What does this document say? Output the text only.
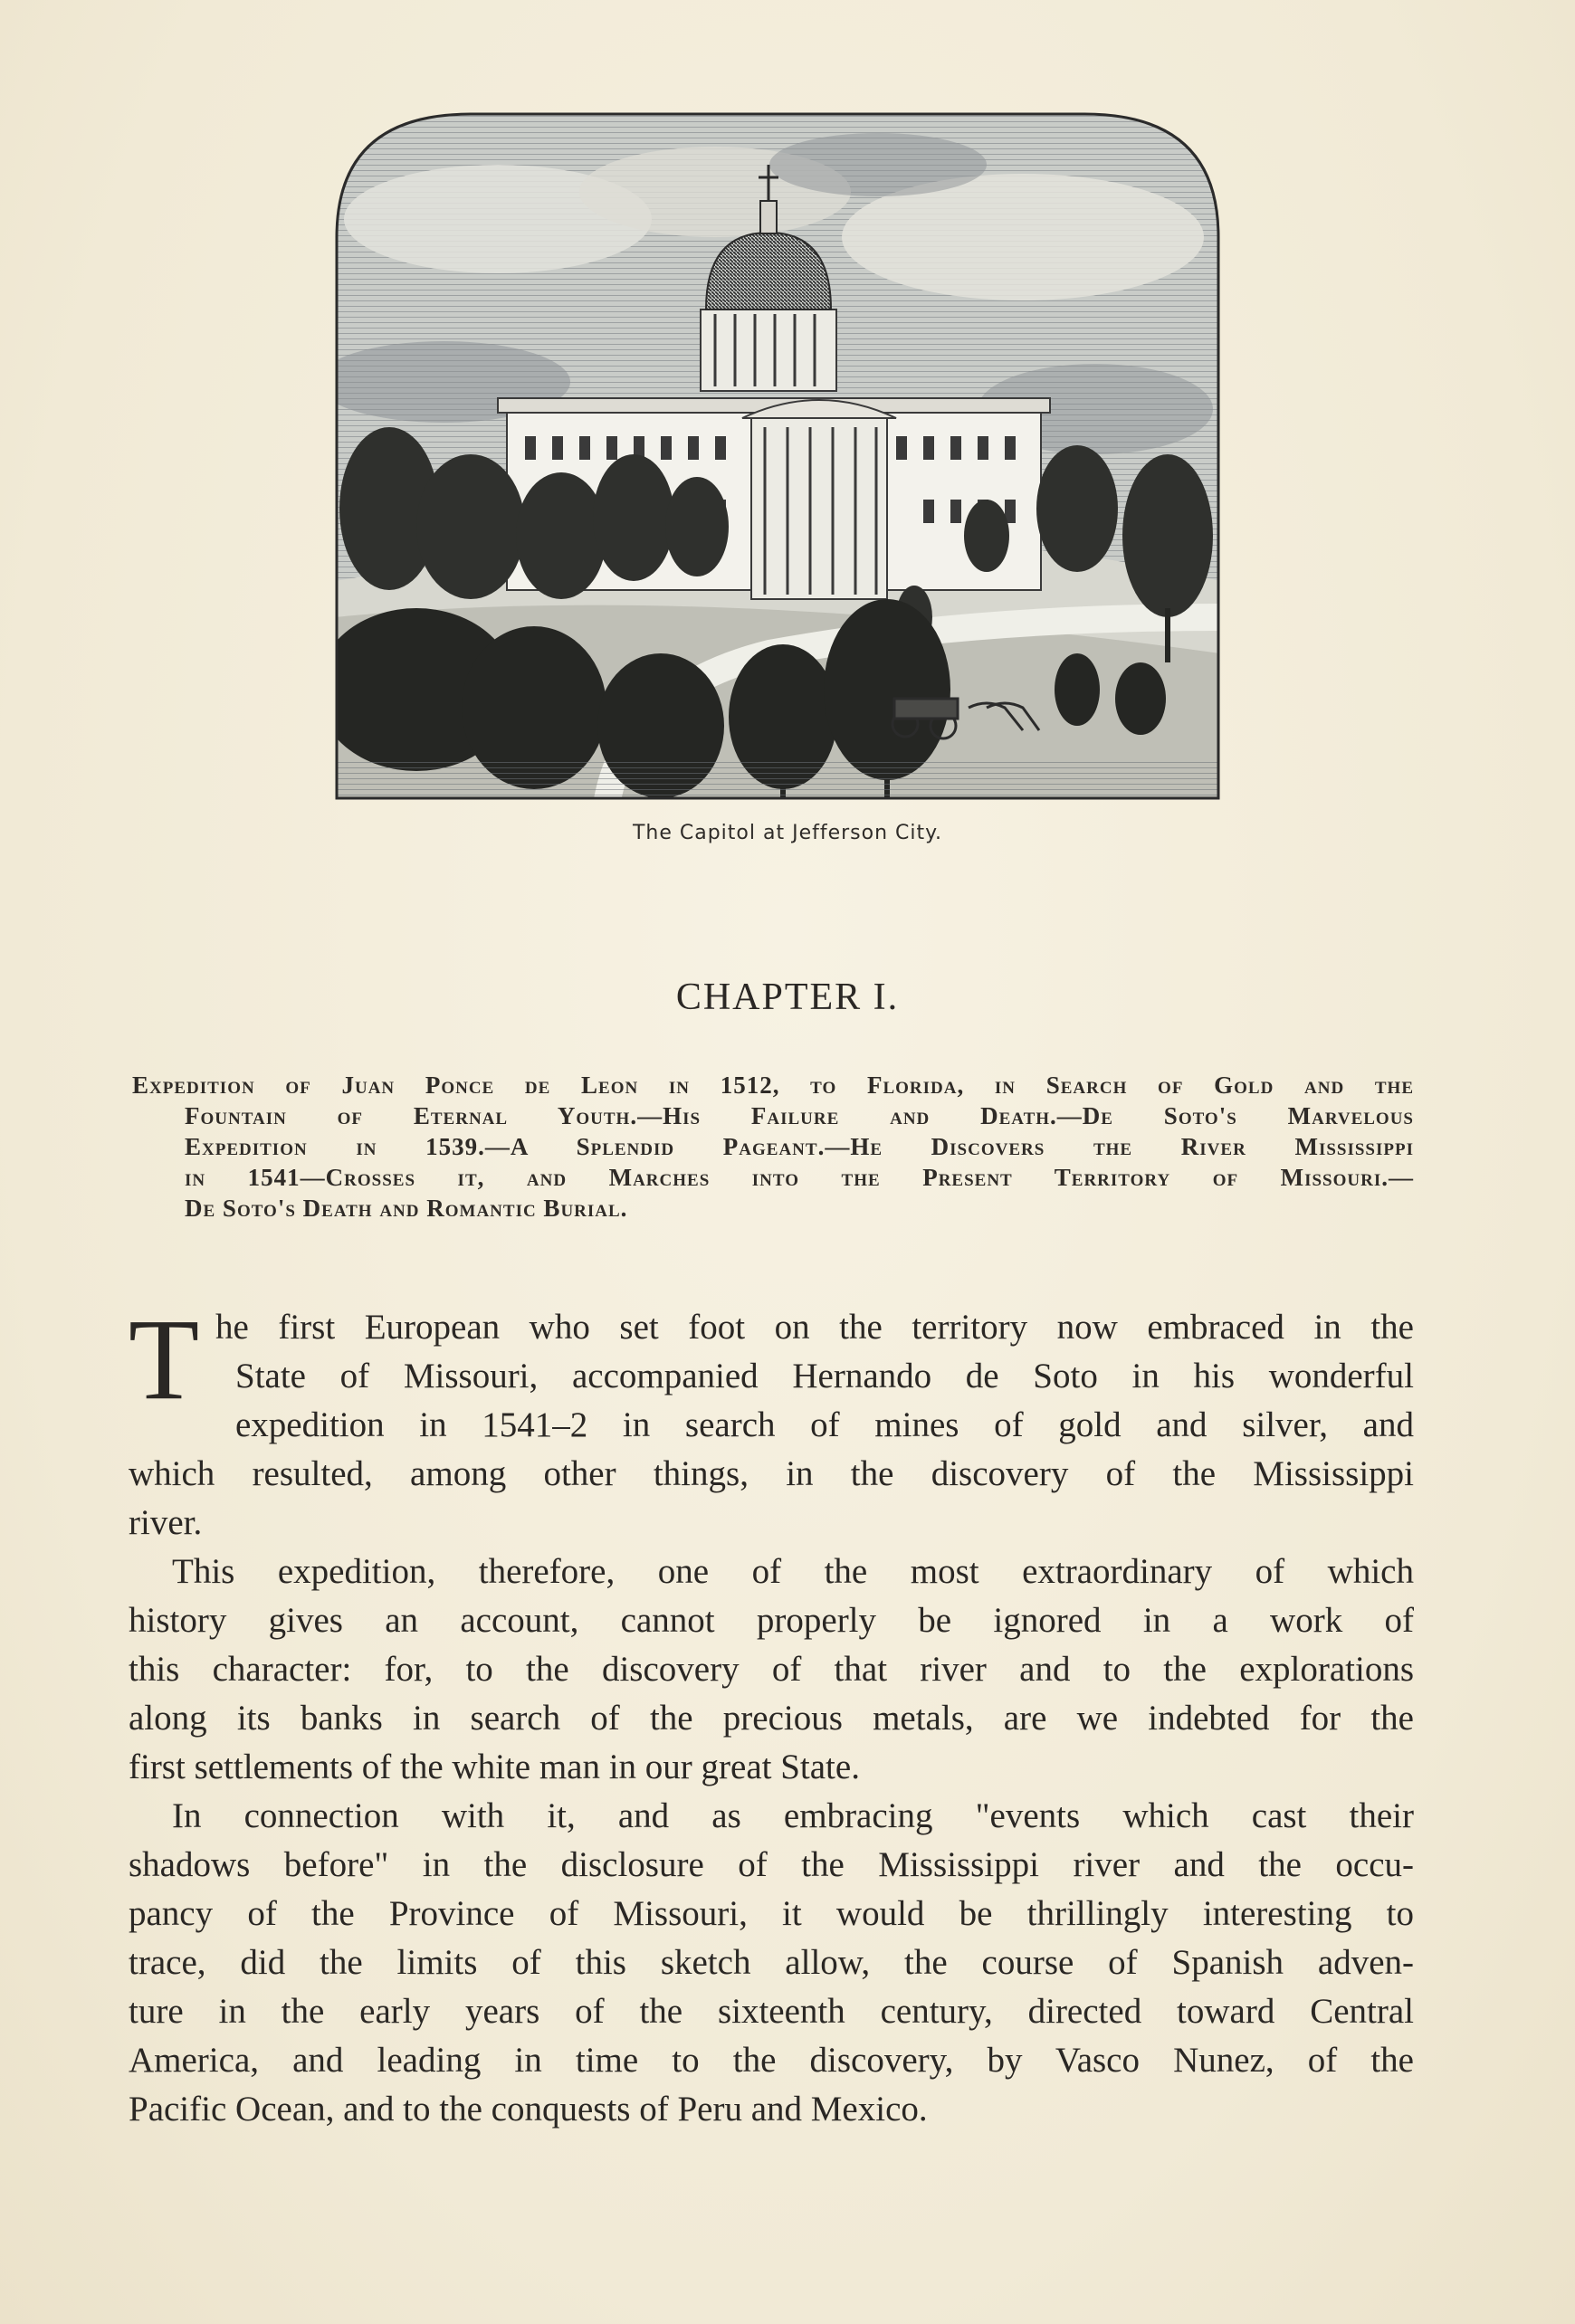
The Capitol at Jefferson City.
CHAPTER I.
Expedition of Juan Ponce de Leon in 1512, to Florida, in Search of Gold and the
Fountain of Eternal Youth.—His Failure and Death.—De Soto's Marvelous
Expedition in 1539.—A Splendid Pageant.—He Discovers the River Mississippi
in 1541—Crosses it, and Marches into the Present Territory of Missouri.—
De Soto's Death and Romantic Burial.
T he first European who set foot on the territory now embraced in the
State of Missouri, accompanied Hernando de Soto in his wonderful
expedition in 1541–2 in search of mines of gold and silver, and
which resulted, among other things, in the discovery of the Mississippi
river.
This expedition, therefore, one of the most extraordinary of which
history gives an account, cannot properly be ignored in a work of
this character: for, to the discovery of that river and to the explorations
along its banks in search of the precious metals, are we indebted for the
first settlements of the white man in our great State.
In connection with it, and as embracing "events which cast their
shadows before" in the disclosure of the Mississippi river and the occu-
pancy of the Province of Missouri, it would be thrillingly interesting to
trace, did the limits of this sketch allow, the course of Spanish adven-
ture in the early years of the sixteenth century, directed toward Central
America, and leading in time to the discovery, by Vasco Nunez, of the
Pacific Ocean, and to the conquests of Peru and Mexico.
